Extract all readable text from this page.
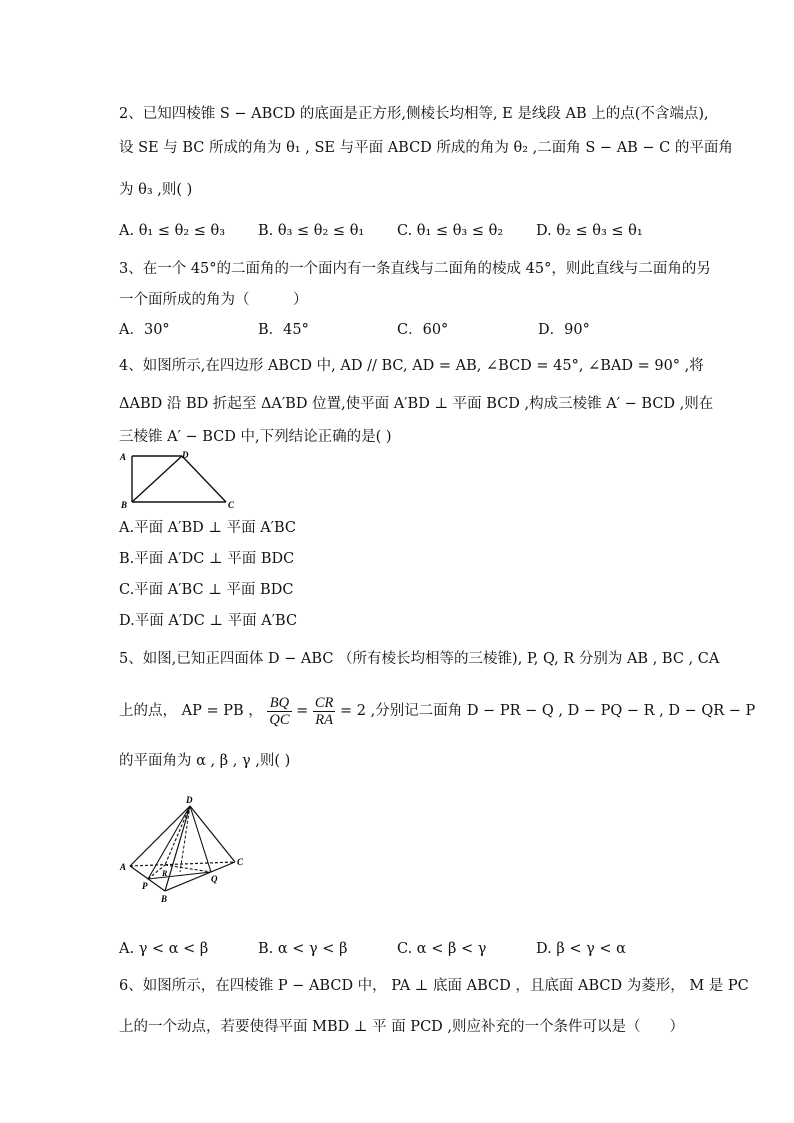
2、已知四棱锥 S − ABCD 的底面是正方形,侧棱长均相等, E 是线段 AB 上的点(不含端点),
设 SE 与 BC 所成的角为 θ₁ , SE 与平面 ABCD 所成的角为 θ₂ ,二面角 S − AB − C 的平面角
为 θ₃ ,则( )
A. θ₁ ≤ θ₂ ≤ θ₃ B. θ₃ ≤ θ₂ ≤ θ₁ C. θ₁ ≤ θ₃ ≤ θ₂ D. θ₂ ≤ θ₃ ≤ θ₁
3、在一个 45°的二面角的一个面内有一条直线与二面角的棱成 45°，则此直线与二面角的另
一个面所成的角为（　　　）
A．30°	B．45°	C．60°	D．90°
4、如图所示,在四边形 ABCD 中, AD // BC, AD = AB, ∠BCD = 45°, ∠BAD = 90° ,将
ΔABD 沿 BD 折起至 ΔA′BD 位置,使平面 A′BD ⊥ 平面 BCD ,构成三棱锥 A′ − BCD ,则在
三棱锥 A′ − BCD 中,下列结论正确的是( )
A	D
B	C
A.平面 A′BD ⊥ 平面 A′BC
B.平面 A′DC ⊥ 平面 BDC
C.平面 A′BC ⊥ 平面 BDC
D.平面 A′DC ⊥ 平面 A′BC
5、如图,已知正四面体 D − ABC （所有棱长均相等的三棱锥), P, Q, R 分别为 AB , BC , CA
上的点， AP = PB ， $\frac{BQ}{QC} = \frac{CR}{RA} = 2$ ,分别记二面角 D − PR − Q , D − PQ − R , D − QR − P
的平面角为 α , β , γ ,则( )
D
A	C
R
P
Q
B
A. γ < α < β	B. α < γ < β	C. α < β < γ	D. β < γ < α
6、如图所示，在四棱锥 P − ABCD 中， PA ⊥ 底面 ABCD ，且底面 ABCD 为菱形， M 是 PC
上的一个动点，若要使得平面 MBD ⊥ 平 面 PCD ,则应补充的一个条件可以是（　　）
